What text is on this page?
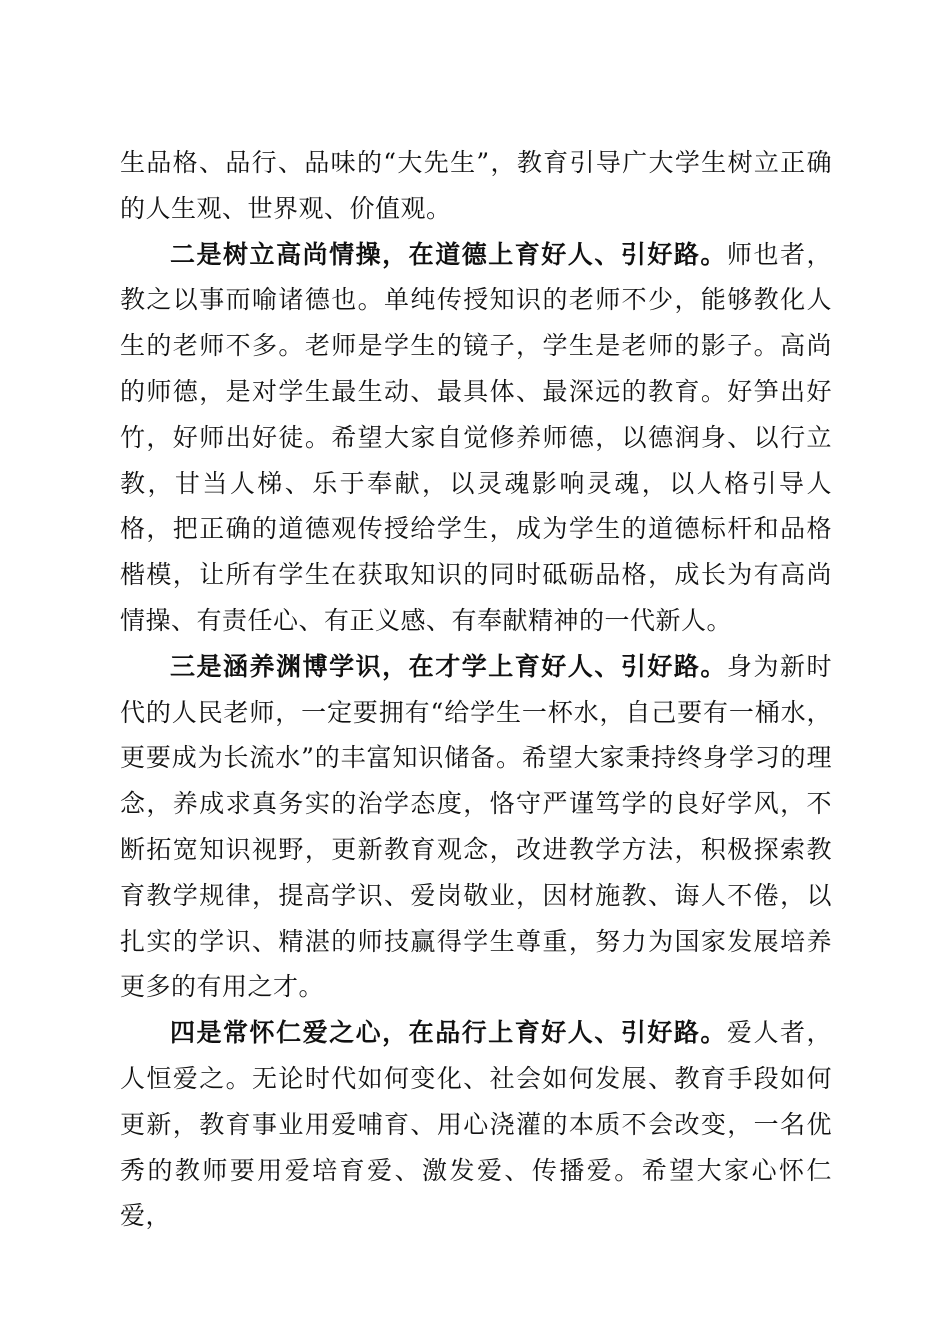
生品格、品行、品味的“大先生”，教育引导广大学生树立正确的人生观、世界观、价值观。

二是树立高尚情操，在道德上育好人、引好路。师也者，教之以事而喻诸德也。单纯传授知识的老师不少，能够教化人生的老师不多。老师是学生的镜子，学生是老师的影子。高尚的师德，是对学生最生动、最具体、最深远的教育。好笋出好竹，好师出好徒。希望大家自觉修养师德，以德润身、以行立教，甘当人梯、乐于奉献，以灵魂影响灵魂，以人格引导人格，把正确的道德观传授给学生，成为学生的道德标杆和品格楷模，让所有学生在获取知识的同时砥砺品格，成长为有高尚情操、有责任心、有正义感、有奉献精神的一代新人。

三是涵养渊博学识，在才学上育好人、引好路。身为新时代的人民老师，一定要拥有“给学生一杯水，自己要有一桶水，更要成为长流水”的丰富知识储备。希望大家秉持终身学习的理念，养成求真务实的治学态度，恪守严谨笃学的良好学风，不断拓宽知识视野，更新教育观念，改进教学方法，积极探索教育教学规律，提高学识、爱岗敬业，因材施教、诲人不倦，以扎实的学识、精湛的师技赢得学生尊重，努力为国家发展培养更多的有用之才。

四是常怀仁爱之心，在品行上育好人、引好路。爱人者，人恒爱之。无论时代如何变化、社会如何发展、教育手段如何更新，教育事业用爱哺育、用心浇灌的本质不会改变，一名优秀的教师要用爱培育爱、激发爱、传播爱。希望大家心怀仁爱，
